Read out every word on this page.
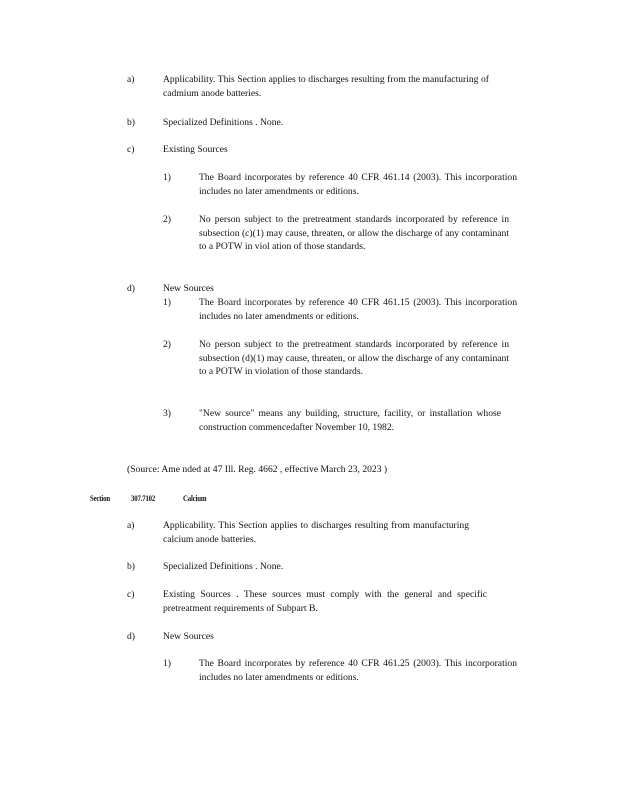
a)	Applicability. This Section applies to discharges resulting from the manufacturing of cadmium anode batteries.
b)	Specialized Definitions . None.
c)	Existing Sources
1)	The Board incorporates by reference 40 CFR 461.14 (2003). This incorporation includes no later amendments or editions.
2)	No person subject to the pretreatment standards incorporated by reference in subsection (c)(1) may cause, threaten, or allow the discharge of any contaminant to a POTW in viol ation of those standards.
d)	New Sources
1)	The Board incorporates by reference 40 CFR 461.15 (2003). This incorporation includes no later amendments or editions.
2)	No person subject to the pretreatment standards incorporated by reference in subsection (d)(1) may cause, threaten, or allow the discharge of any contaminant to a POTW in violation of those standards.
3)	"New source" means any building, structure, facility, or installation whose construction commencedafter November 10, 1982.
(Source: Ame nded at 47 Ill. Reg. 4662 , effective March 23, 2023 )
Section	307.7102	Calcium
a)	Applicability. This Section applies to discharges resulting from manufacturing calcium anode batteries.
b)	Specialized Definitions . None.
c)	Existing Sources . These sources must comply with the general and specific pretreatment requirements of Subpart B.
d)	New Sources
1)	The Board incorporates by reference 40 CFR 461.25 (2003). This incorporation includes no later amendments or editions.
